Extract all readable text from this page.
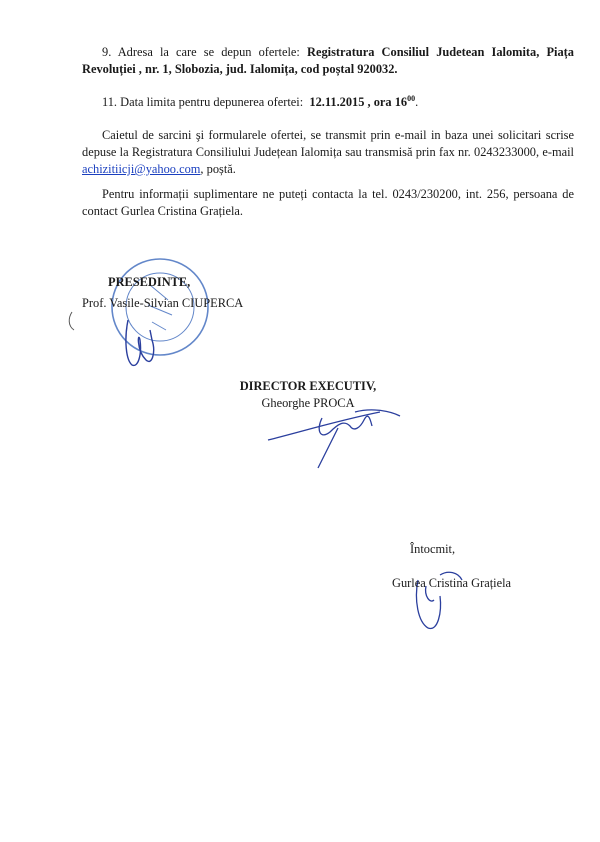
9. Adresa la care se depun ofertele: Registratura Consiliul Judetean Ialomita, Piața Revoluției , nr. 1, Slobozia, jud. Ialomița, cod poștal 920032.
11. Data limita pentru depunerea ofertei: 12.11.2015 , ora $16^{00}$.
Caietul de sarcini şi formularele ofertei, se transmit prin e-mail in baza unei solicitari scrise depuse la Registratura Consiliului Județean Ialomița sau transmisă prin fax nr. 0243233000, e-mail achizitiicji@yahoo.com, poștă.
Pentru informații suplimentare ne puteți contacta la tel. 0243/230200, int. 256, persoana de contact Gurlea Cristina Grațiela.
PRESEDINTE,
Prof. Vasile-Silvian CIUPERCA
DIRECTOR EXECUTIV,
Gheorghe PROCA
Întocmit,
Gurlea Cristina Grațiela
